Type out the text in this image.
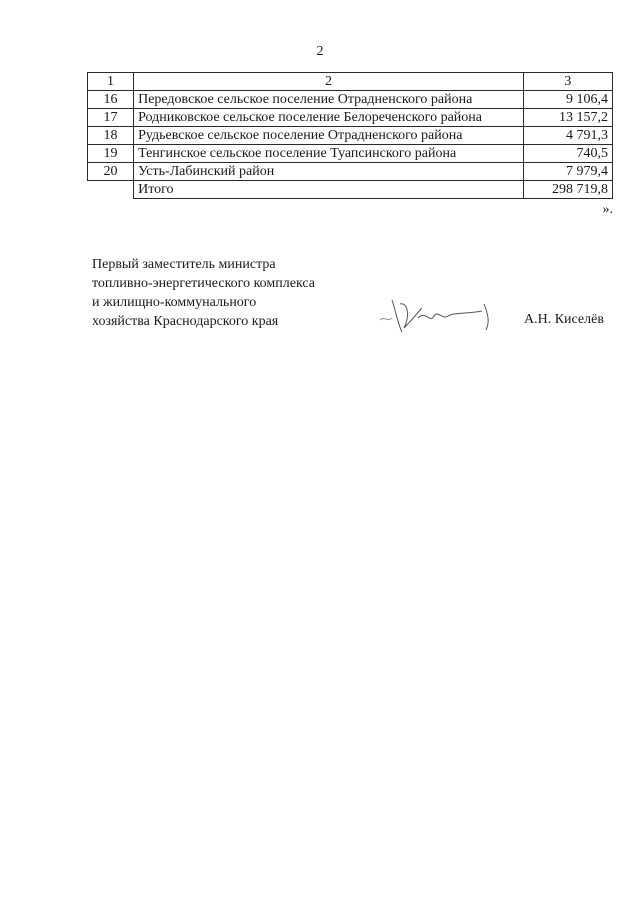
2
1	2	3
16	Передовское сельское поселение Отрадненского района	9 106,4
17	Родниковское сельское поселение Белореченского района	13 157,2
18	Рудьевское сельское поселение Отрадненского района	4 791,3
19	Тенгинское сельское поселение Туапсинского района	740,5
20	Усть-Лабинский район	7 979,4
	Итого	298 719,8
».
Первый заместитель министра
топливно-энергетического комплекса
и жилищно-коммунального
хозяйства Краснодарского края	А.Н. Киселёв
